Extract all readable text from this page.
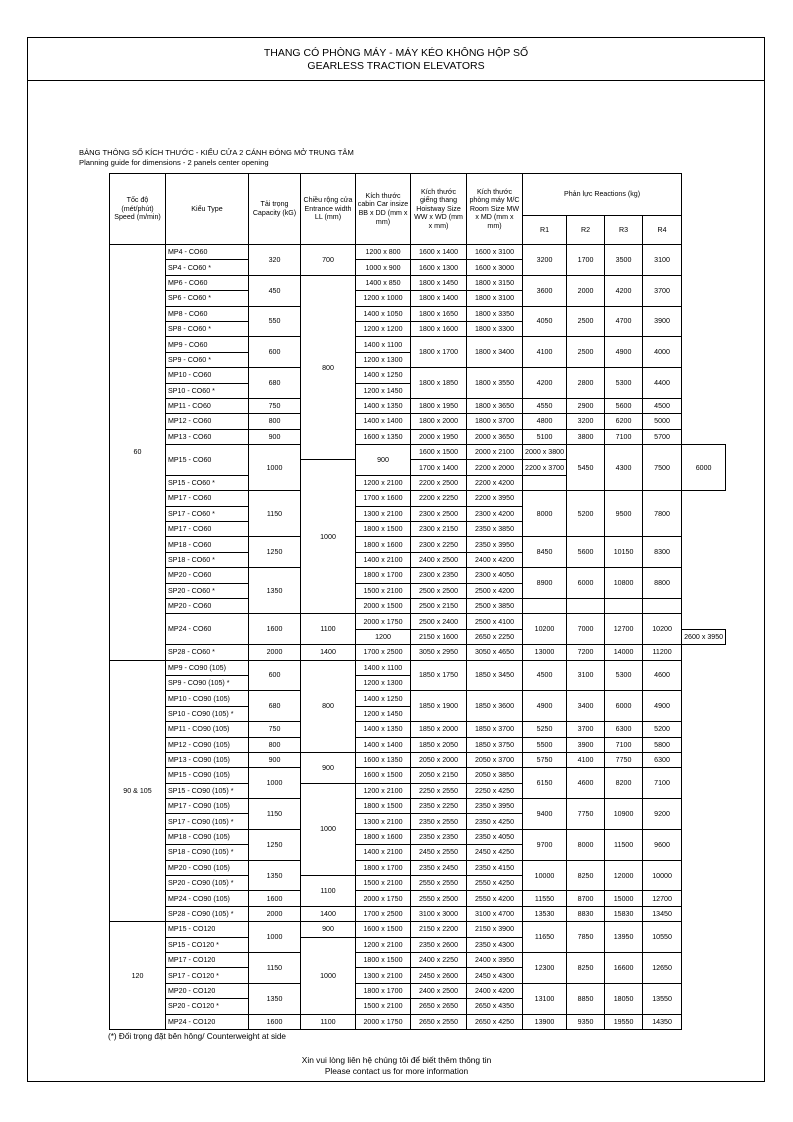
THANG CÓ PHÒNG MÁY - MÁY KÉO KHÔNG HỘP SỐ
GEARLESS TRACTION ELEVATORS
BẢNG THÔNG SỐ KÍCH THƯỚC - KIỂU CỬA 2 CÁNH ĐÓNG MỞ TRUNG TÂM
Planning guide for dimensions - 2 panels center opening
Tốc độ (mét/phút) Speed (m/min)	Kiểu Type	Tải trọng Capacity (kG)	Chiều rộng cửa Entrance width LL (mm)	Kích thước cabin Car insize BB x DD (mm x mm)	Kích thước giếng thang Hoistway Size WW x WD (mm x mm)	Kích thước phòng máy M/C Room Size MW x MD (mm x mm)	Phản lực Reactions (kg)				
							R1	R2	R3	R4	
60	MP4 - CO60	320	700	1200 x 800	1600 x 1400	1600 x 3100	3200	1700	3500	3100	
	SP4 - CO60 *			1000 x 900	1600 x 1300	1600 x 3000					
	MP6 - CO60	450	800	1400 x 850	1800 x 1450	1800 x 3150	3600	2000	4200	3700	
	SP6 - CO60 *			1200 x 1000	1800 x 1400	1800 x 3100					
	MP8 - CO60	550		1400 x 1050	1800 x 1650	1800 x 3350	4050	2500	4700	3900	
	SP8 - CO60 *			1200 x 1200	1800 x 1600	1800 x 3300					
	MP9 - CO60	600		1400 x 1100	1800 x 1700	1800 x 3400	4100	2500	4900	4000	
	SP9 - CO60 *			1200 x 1300							
	MP10 - CO60	680		1400 x 1250	1800 x 1850	1800 x 3550	4200	2800	5300	4400	
	SP10 - CO60 *			1200 x 1450							
	MP11 - CO60	750		1400 x 1350	1800 x 1950	1800 x 3650	4550	2900	5600	4500	
	MP12 - CO60	800		1400 x 1400	1800 x 2000	1800 x 3700	4800	3200	6200	5000	
	MP13 - CO60	900		1600 x 1350	2000 x 1950	2000 x 3650	5100	3800	7100	5700	
	MP15 - CO60	1000		900	1600 x 1500	2000 x 2100	2000 x 3800	5450	4300	7500	6000
			1000		1700 x 1400	2200 x 2000	2200 x 3700				
	SP15 - CO60 *			1200 x 2100	2200 x 2500	2200 x 4200					
	MP17 - CO60	1150		1700 x 1600	2200 x 2250	2200 x 3950	8000	5200	9500	7800	
	SP17 - CO60 *			1300 x 2100	2300 x 2500	2300 x 4200					
	MP17 - CO60			1800 x 1500	2300 x 2150	2350 x 3850					
	MP18 - CO60	1250		1800 x 1600	2300 x 2250	2350 x 3950	8450	5600	10150	8300	
	SP18 - CO60 *			1400 x 2100	2400 x 2500	2400 x 4200					
	MP20 - CO60	1350		1800 x 1700	2300 x 2350	2300 x 4050	8900	6000	10800	8800	
	SP20 - CO60 *			1500 x 2100	2500 x 2500	2500 x 4200					
	MP20 - CO60			2000 x 1500	2500 x 2150	2500 x 3850					
	MP24 - CO60	1600	1100	2000 x 1750	2500 x 2400	2500 x 4100	10200	7000	12700	10200	
				1200	2150 x 1600	2650 x 2250					2600 x 3950
	SP28 - CO60 *	2000	1400	1700 x 2500	3050 x 2950	3050 x 4650	13000	7200	14000	11200	
90 & 105	MP9 - CO90 (105)	600	800	1400 x 1100	1850 x 1750	1850 x 3450	4500	3100	5300	4600	
	SP9 - CO90 (105) *			1200 x 1300							
	MP10 - CO90 (105)	680		1400 x 1250	1850 x 1900	1850 x 3600	4900	3400	6000	4900	
	SP10 - CO90 (105) *			1200 x 1450							
	MP11 - CO90 (105)	750		1400 x 1350	1850 x 2000	1850 x 3700	5250	3700	6300	5200	
	MP12 - CO90 (105)	800		1400 x 1400	1850 x 2050	1850 x 3750	5500	3900	7100	5800	
	MP13 - CO90 (105)	900	900	1600 x 1350	2050 x 2000	2050 x 3700	5750	4100	7750	6300	
	MP15 - CO90 (105)	1000		1600 x 1500	2050 x 2150	2050 x 3850	6150	4600	8200	7100	
	SP15 - CO90 (105) *		1000	1200 x 2100	2250 x 2550	2250 x 4250					
	MP17 - CO90 (105)	1150		1800 x 1500	2350 x 2250	2350 x 3950	9400	7750	10900	9200	
	SP17 - CO90 (105) *			1300 x 2100	2350 x 2550	2350 x 4250					
	MP18 - CO90 (105)	1250		1800 x 1600	2350 x 2350	2350 x 4050	9700	8000	11500	9600	
	SP18 - CO90 (105) *			1400 x 2100	2450 x 2550	2450 x 4250					
	MP20 - CO90 (105)	1350		1800 x 1700	2350 x 2450	2350 x 4150	10000	8250	12000	10000	
	SP20 - CO90 (105) *		1100	1500 x 2100	2550 x 2550	2550 x 4250					
	MP24 - CO90 (105)	1600		2000 x 1750	2550 x 2500	2550 x 4200	11550	8700	15000	12700	
	SP28 - CO90 (105) *	2000	1400	1700 x 2500	3100 x 3000	3100 x 4700	13530	8830	15830	13450	
120	MP15 - CO120	1000	900	1600 x 1500	2150 x 2200	2150 x 3900	11650	7850	13950	10550	
	SP15 - CO120 *		1000	1200 x 2100	2350 x 2600	2350 x 4300					
	MP17 - CO120	1150		1800 x 1500	2400 x 2250	2400 x 3950	12300	8250	16600	12650	
	SP17 - CO120 *			1300 x 2100	2450 x 2600	2450 x 4300					
	MP20 - CO120	1350		1800 x 1700	2400 x 2500	2400 x 4200	13100	8850	18050	13550	
	SP20 - CO120 *			1500 x 2100	2650 x 2650	2650 x 4350					
	MP24 - CO120	1600	1100	2000 x 1750	2650 x 2550	2650 x 4250	13900	9350	19550	14350	
(*) Đối trọng đặt bên hông/ Counterweight at side
Xin vui lòng liên hệ chúng tôi để biết thêm thông tin
Please contact us for more information
